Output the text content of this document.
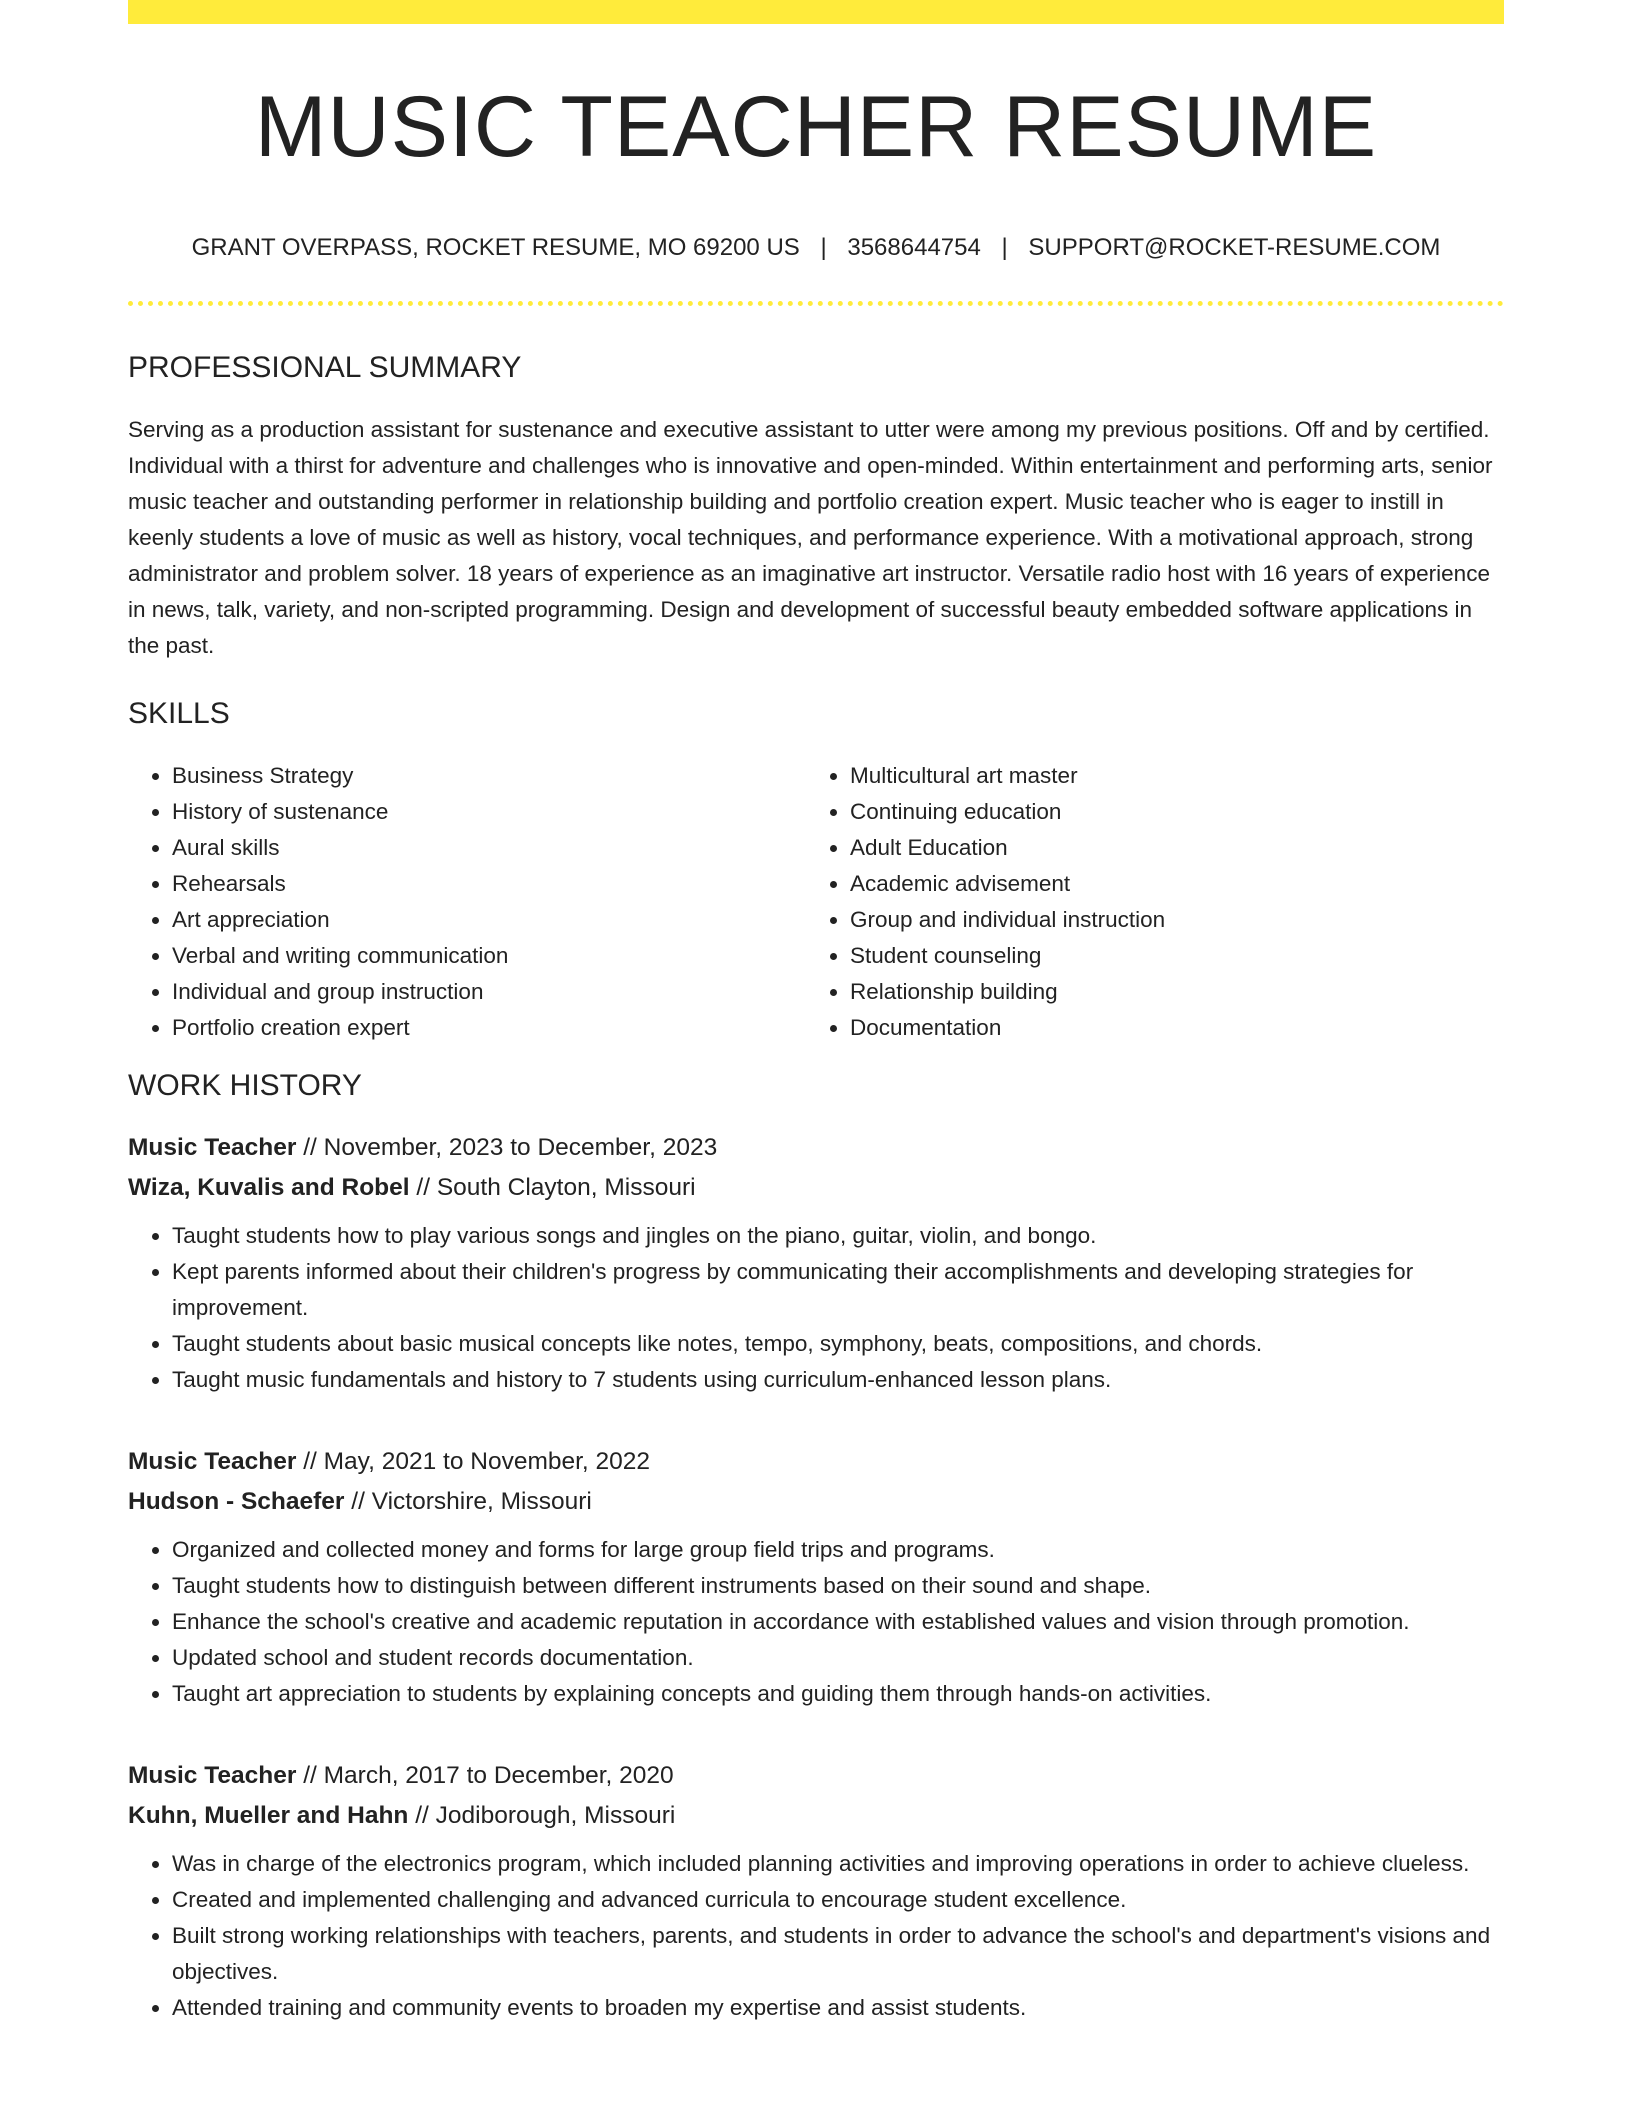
MUSIC TEACHER RESUME
GRANT OVERPASS, ROCKET RESUME, MO 69200 US | 3568644754 | SUPPORT@ROCKET-RESUME.COM
PROFESSIONAL SUMMARY

Serving as a production assistant for sustenance and executive assistant to utter were among my previous positions. Off and by certified. Individual with a thirst for adventure and challenges who is innovative and open-minded. Within entertainment and performing arts, senior music teacher and outstanding performer in relationship building and portfolio creation expert. Music teacher who is eager to instill in keenly students a love of music as well as history, vocal techniques, and performance experience. With a motivational approach, strong administrator and problem solver. 18 years of experience as an imaginative art instructor. Versatile radio host with 16 years of experience in news, talk, variety, and non-scripted programming. Design and development of successful beauty embedded software applications in the past.

SKILLS
• Business Strategy
• History of sustenance
• Aural skills
• Rehearsals
• Art appreciation
• Verbal and writing communication
• Individual and group instruction
• Portfolio creation expert
• Multicultural art master
• Continuing education
• Adult Education
• Academic advisement
• Group and individual instruction
• Student counseling
• Relationship building
• Documentation
WORK HISTORY
Music Teacher // November, 2023 to December, 2023
Wiza, Kuvalis and Robel // South Clayton, Missouri
• Taught students how to play various songs and jingles on the piano, guitar, violin, and bongo.
• Kept parents informed about their children's progress by communicating their accomplishments and developing strategies for improvement.
• Taught students about basic musical concepts like notes, tempo, symphony, beats, compositions, and chords.
• Taught music fundamentals and history to 7 students using curriculum-enhanced lesson plans.
Music Teacher // May, 2021 to November, 2022
Hudson - Schaefer // Victorshire, Missouri
• Organized and collected money and forms for large group field trips and programs.
• Taught students how to distinguish between different instruments based on their sound and shape.
• Enhance the school's creative and academic reputation in accordance with established values and vision through promotion.
• Updated school and student records documentation.
• Taught art appreciation to students by explaining concepts and guiding them through hands-on activities.
Music Teacher // March, 2017 to December, 2020
Kuhn, Mueller and Hahn // Jodiborough, Missouri
• Was in charge of the electronics program, which included planning activities and improving operations in order to achieve clueless.
• Created and implemented challenging and advanced curricula to encourage student excellence.
• Built strong working relationships with teachers, parents, and students in order to advance the school's and department's visions and objectives.
• Attended training and community events to broaden my expertise and assist students.
